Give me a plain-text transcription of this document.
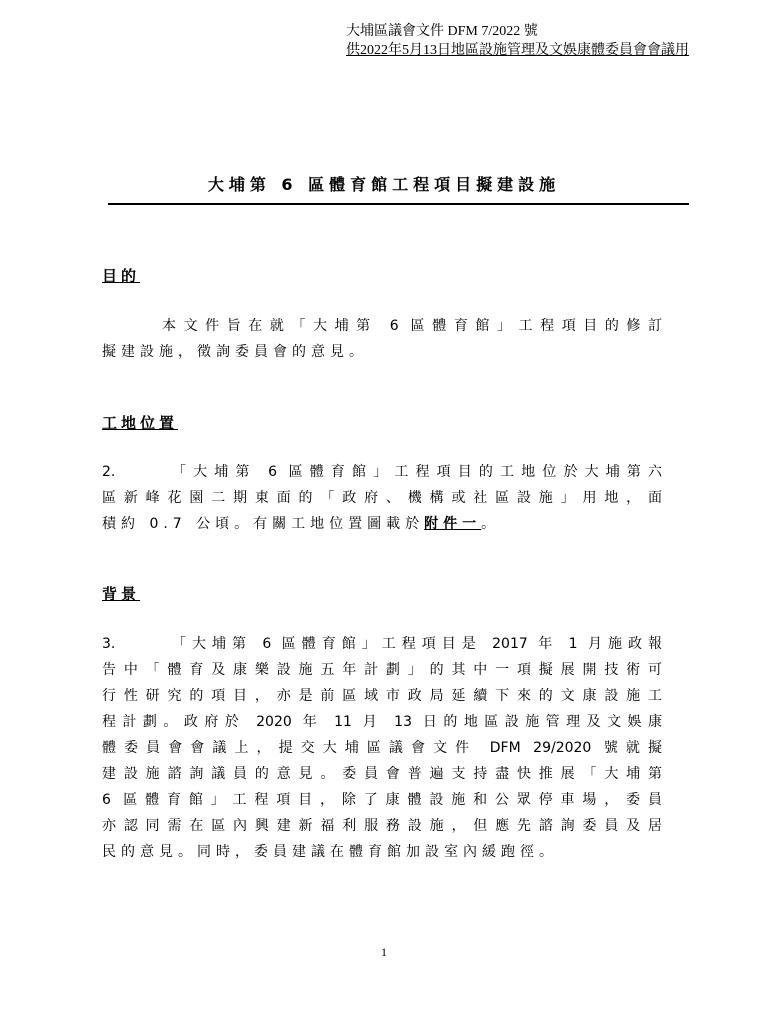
大埔區議會文件 DFM 7/2022 號
供2022年5月13日地區設施管理及文娛康體委員會會議用
大埔第 6 區體育館工程項目擬建設施
目的
本文件旨在就「大埔第 6 區體育館」工程項目的修訂
擬建設施，徵詢委員會的意見。
工地位置
2.	「大埔第 6 區體育館」工程項目的工地位於大埔第六
區新峰花園二期東面的「政府、機構或社區設施」用地，面
積約 0.7 公頃。有關工地位置圖載於附件一。
背景
3.	「大埔第 6 區體育館」工程項目是 2017 年 1 月施政報
告中「體育及康樂設施五年計劃」的其中一項擬展開技術可
行性研究的項目，亦是前區域市政局延續下來的文康設施工
程計劃。政府於 2020 年 11 月 13 日的地區設施管理及文娛康
體委員會會議上，提交大埔區議會文件 DFM 29/2020 號就擬
建設施諮詢議員的意見。委員會普遍支持盡快推展「大埔第
6 區體育館」工程項目，除了康體設施和公眾停車場，委員
亦認同需在區內興建新福利服務設施，但應先諮詢委員及居
民的意見。同時，委員建議在體育館加設室內緩跑徑。
1
